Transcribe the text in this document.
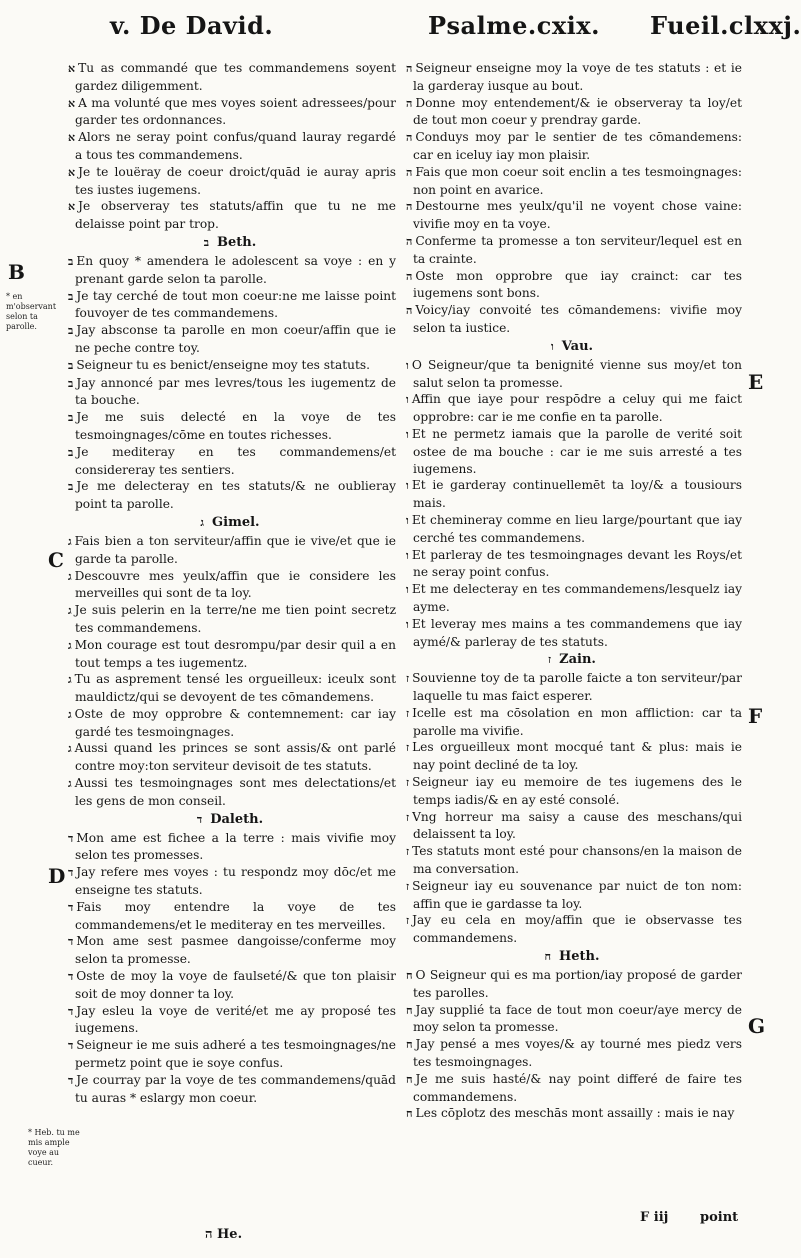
v. De David.	Psalme.cxix. Fueil.clxxj.
B
C
D
E
F
G
* en m'observant selon ta parolle.
* Heb. tu me mis ample voye au cueur.

א Tu as commandé que tes commandemens soyent gardez diligemment.

א A ma volunté que mes voyes soient adressees/pour garder tes ordonnances.

א Alors ne seray point confus/quand lauray regardé a tous tes commandemens.

א Je te louëray de coeur droict/quād ie auray apris tes iustes iugemens.

א Je observeray tes statuts/affin que tu ne me delaisse point par trop.

ב Beth.

ב En quoy * amendera le adolescent sa voye : en y prenant garde selon ta parolle.

ב Je tay cerché de tout mon coeur:ne me laisse point fouvoyer de tes commandemens.

ב Jay absconse ta parolle en mon coeur/affin que ie ne peche contre toy.

ב Seigneur tu es benict/enseigne moy tes statuts.

ב Jay annoncé par mes levres/tous les iugementz de ta bouche.

ב Je me suis delecté en la voye de tes tesmoingnages/cōme en toutes richesses.

ב Je mediteray en tes commandemens/et considereray tes sentiers.

ב Je me delecteray en tes statuts/& ne oublieray point ta parolle.

ג Gimel.

ג Fais bien a ton serviteur/affin que ie vive/et que ie garde ta parolle.

ג Descouvre mes yeulx/affin que ie considere les merveilles qui sont de ta loy.

ג Je suis pelerin en la terre/ne me tien point secretz tes commandemens.

ג Mon courage est tout desrompu/par desir quil a en tout temps a tes iugementz.

ג Tu as asprement tensé les orgueilleux: iceulx sont mauldictz/qui se devoyent de tes cōmandemens.

ג Oste de moy opprobre & contemnement: car iay gardé tes tesmoingnages.

ג Aussi quand les princes se sont assis/& ont parlé contre moy:ton serviteur devisoit de tes statuts.

ג Aussi tes tesmoingnages sont mes delectations/et les gens de mon conseil.

ד Daleth.

ד Mon ame est fichee a la terre : mais vivifie moy selon tes promesses.

ד Jay refere mes voyes : tu respondz moy dōc/et me enseigne tes statuts.

ד Fais moy entendre la voye de tes commandemens/et le mediteray en tes merveilles.

ד Mon ame sest pasmee dangoisse/conferme moy selon ta promesse.

ד Oste de moy la voye de faulseté/& que ton plaisir soit de moy donner ta loy.

ד Jay esleu la voye de verité/et me ay proposé tes iugemens.

ד Seigneur ie me suis adheré a tes tesmoingnages/ne permetz point que ie soye confus.

ד Je courray par la voye de tes commandemens/quād tu auras * eslargy mon coeur.

ה Seigneur enseigne moy la voye de tes statuts : et ie la garderay iusque au bout.

ה Donne moy entendement/& ie observeray ta loy/et de tout mon coeur y prendray garde.

ה Conduys moy par le sentier de tes cōmandemens: car en iceluy iay mon plaisir.

ה Fais que mon coeur soit enclin a tes tesmoingnages: non point en avarice.

ה Destourne mes yeulx/qu'il ne voyent chose vaine: vivifie moy en ta voye.

ה Conferme ta promesse a ton serviteur/lequel est en ta crainte.

ה Oste mon opprobre que iay crainct: car tes iugemens sont bons.

ה Voicy/iay convoité tes cōmandemens: vivifie moy selon ta iustice.

ו Vau.

ו O Seigneur/que ta benignité vienne sus moy/et ton salut selon ta promesse.

ו Affin que iaye pour respōdre a celuy qui me faict opprobre: car ie me confie en ta parolle.

ו Et ne permetz iamais que la parolle de verité soit ostee de ma bouche : car ie me suis arresté a tes iugemens.

ו Et ie garderay continuellemēt ta loy/& a tousiours mais.

ו Et chemineray comme en lieu large/pourtant que iay cerché tes commandemens.

ו Et parleray de tes tesmoingnages devant les Roys/et ne seray point confus.

ו Et me delecteray en tes commandemens/lesquelz iay ayme.

ו Et leveray mes mains a tes commandemens que iay aymé/& parleray de tes statuts.

ז Zain.

ז Souvienne toy de ta parolle faicte a ton serviteur/par laquelle tu mas faict esperer.

ז Icelle est ma cōsolation en mon affliction: car ta parolle ma vivifie.

ז Les orgueilleux mont mocqué tant & plus: mais ie nay point decliné de ta loy.

ז Seigneur iay eu memoire de tes iugemens des le temps iadis/& en ay esté consolé.

ז Vng horreur ma saisy a cause des meschans/qui delaissent ta loy.

ז Tes statuts mont esté pour chansons/en la maison de ma conversation.

ז Seigneur iay eu souvenance par nuict de ton nom: affin que ie gardasse ta loy.

ז Jay eu cela en moy/affin que ie observasse tes commandemens.

ח Heth.

ח O Seigneur qui es ma portion/iay proposé de garder tes parolles.

ח Jay supplié ta face de tout mon coeur/aye mercy de moy selon ta promesse.

ח Jay pensé a mes voyes/& ay tourné mes piedz vers tes tesmoingnages.

ח Je me suis hasté/& nay point differé de faire tes commandemens.

ח Les cōplotz des meschās mont assailly : mais ie nay

ה He.
F iij point
